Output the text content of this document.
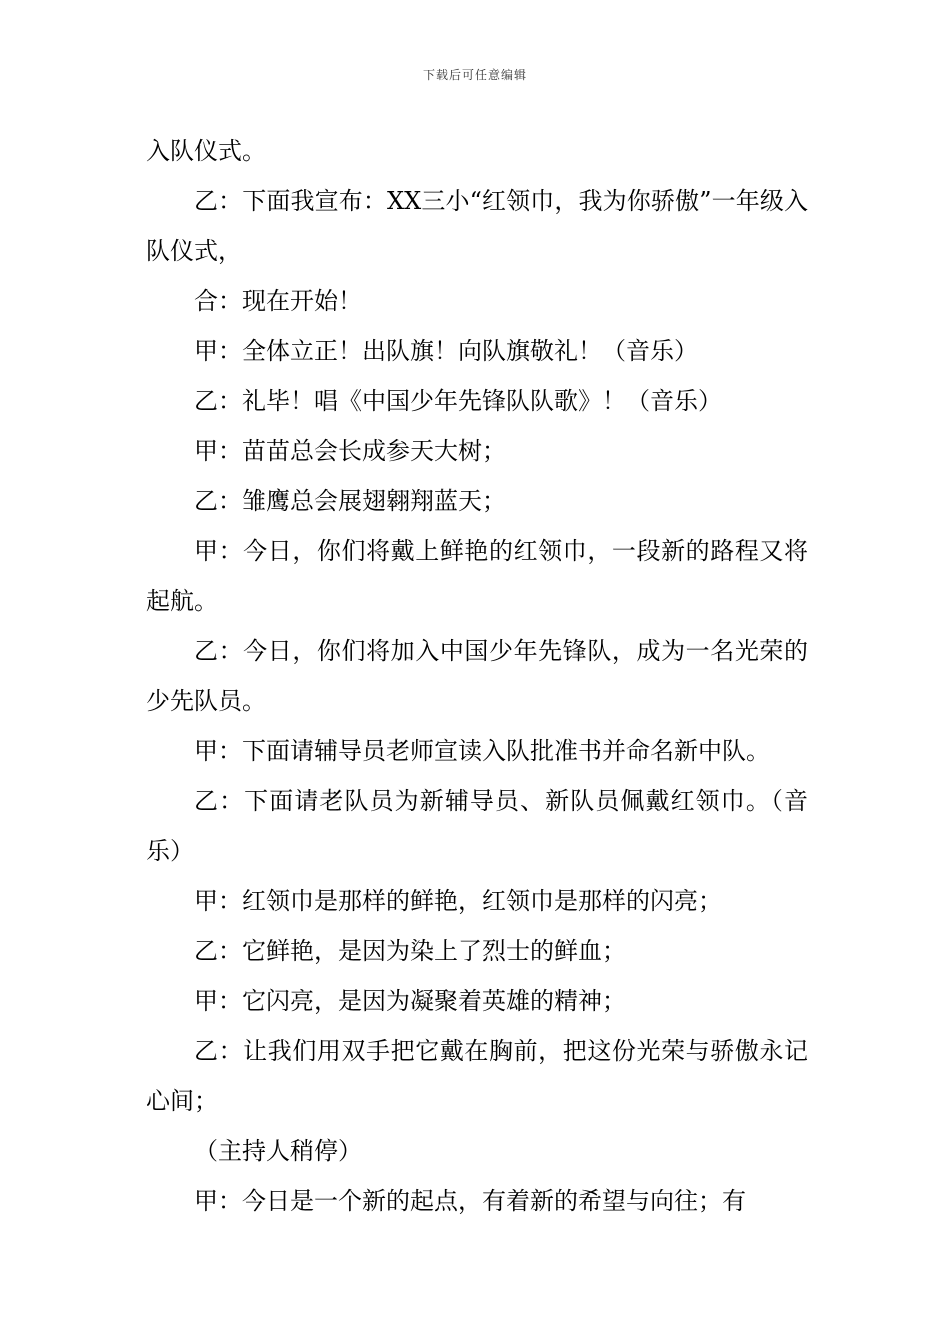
下载后可任意编辑

入队仪式。

乙：下面我宣布：XX三小“红领巾，我为你骄傲”一年级入队仪式，

合：现在开始！

甲：全体立正！出队旗！向队旗敬礼！（音乐）

乙：礼毕！唱《中国少年先锋队队歌》！（音乐）

甲：苗苗总会长成参天大树；

乙：雏鹰总会展翅翱翔蓝天；

甲：今日，你们将戴上鲜艳的红领巾，一段新的路程又将起航。

乙：今日，你们将加入中国少年先锋队，成为一名光荣的少先队员。

甲：下面请辅导员老师宣读入队批准书并命名新中队。

乙：下面请老队员为新辅导员、新队员佩戴红领巾。（音乐）

甲：红领巾是那样的鲜艳，红领巾是那样的闪亮；

乙：它鲜艳，是因为染上了烈士的鲜血；

甲：它闪亮，是因为凝聚着英雄的精神；

乙：让我们用双手把它戴在胸前，把这份光荣与骄傲永记心间；

（主持人稍停）

甲：今日是一个新的起点，有着新的希望与向往；有
